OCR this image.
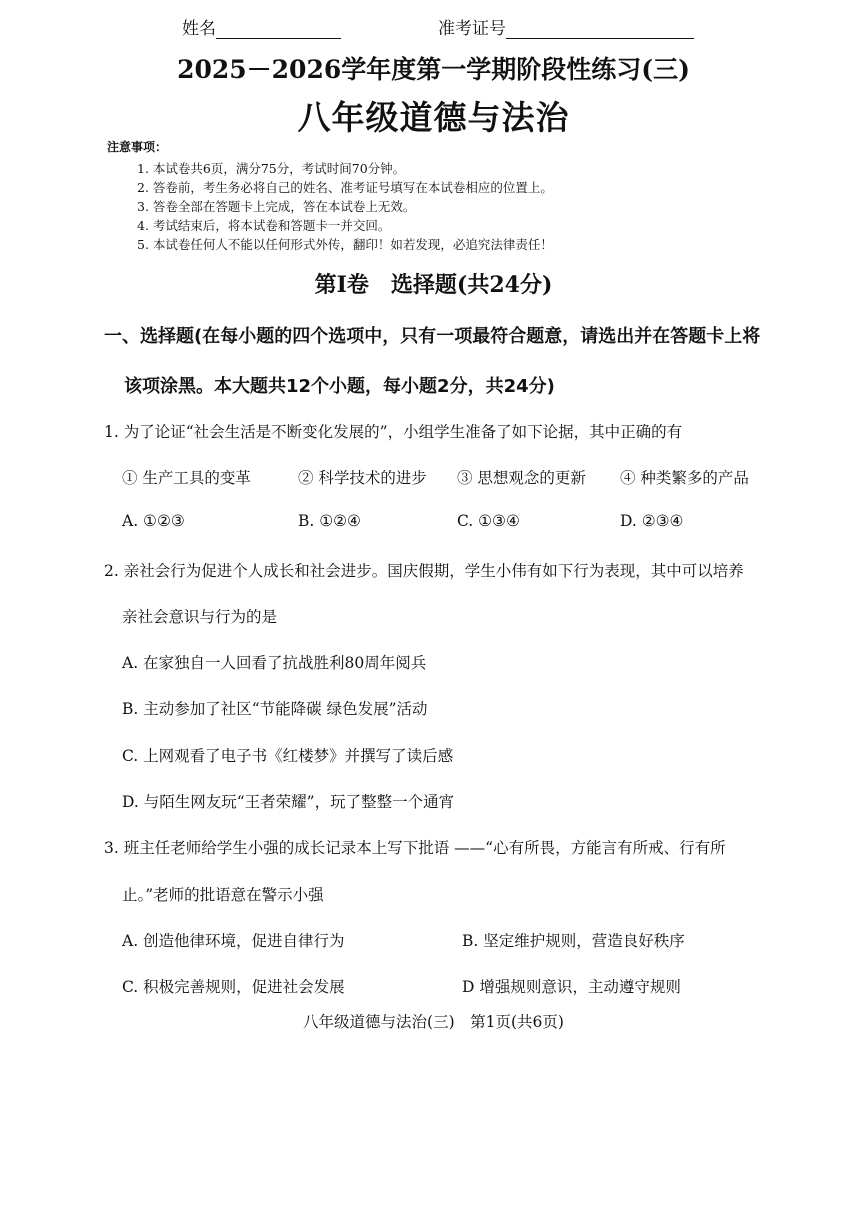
姓名	准考证号
2025－2026学年度第一学期阶段性练习(三)
八年级道德与法治
注意事项：
1. 本试卷共6页，满分75分，考试时间70分钟。
2. 答卷前，考生务必将自己的姓名、准考证号填写在本试卷相应的位置上。
3. 答卷全部在答题卡上完成，答在本试卷上无效。
4. 考试结束后，将本试卷和答题卡一并交回。
5. 本试卷任何人不能以任何形式外传，翻印！如若发现，必追究法律责任！
第Ⅰ卷　选择题(共24分)
一、选择题(在每小题的四个选项中，只有一项最符合题意，请选出并在答题卡上将
该项涂黑。本大题共12个小题，每小题2分，共24分)
1. 为了论证“社会生活是不断变化发展的”，小组学生准备了如下论据，其中正确的有
① 生产工具的变革	② 科学技术的进步 ③ 思想观念的更新 ④ 种类繁多的产品
A. ①②③	B. ①②④	C. ①③④	D. ②③④
2. 亲社会行为促进个人成长和社会进步。国庆假期，学生小伟有如下行为表现，其中可以培养
亲社会意识与行为的是
A. 在家独自一人回看了抗战胜利80周年阅兵
B. 主动参加了社区“节能降碳 绿色发展”活动
C. 上网观看了电子书《红楼梦》并撰写了读后感
D. 与陌生网友玩“王者荣耀”，玩了整整一个通宵
3. 班主任老师给学生小强的成长记录本上写下批语 ——“心有所畏，方能言有所戒、行有所
止。”老师的批语意在警示小强
A. 创造他律环境，促进自律行为	B. 坚定维护规则，营造良好秩序
C. 积极完善规则，促进社会发展	D 增强规则意识，主动遵守规则
八年级道德与法治(三)　第1页(共6页)
